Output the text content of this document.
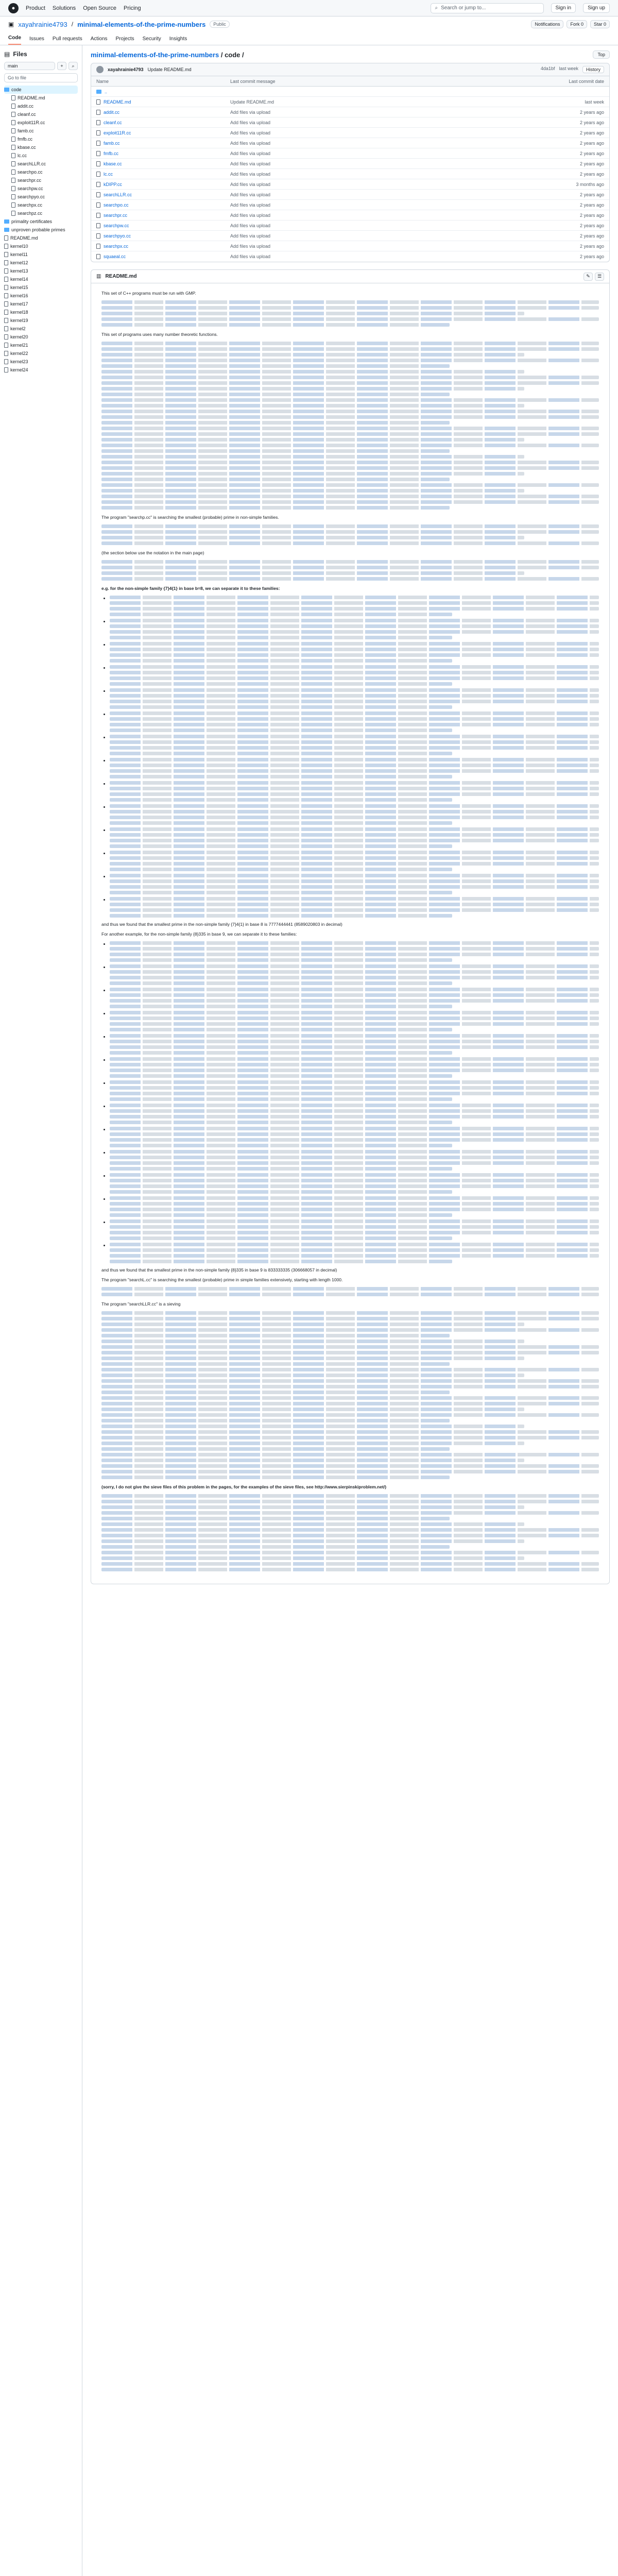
●	Product Solutions Open Source Pricing	⌕ Search or jump to...	Sign in	Sign up
▣ xayahrainie4793 / minimal-elements-of-the-prime-numbers	Public	Notifications	Fork 0	Star 0
Code Issues Pull requests Actions Projects Security Insights
▤ Files
main	+	⌕
Go to file
code
README.md
addit.cc
cleanf.cc
exploit11R.cc
famb.cc
fmfb.cc
kbase.cc
lc.cc
searchLLR.cc
searchpo.cc
searchpr.cc
searchpw.cc
searchpyo.cc
searchpx.cc
searchpz.cc
primality certificates
unproven probable primes
README.md
kernel10
kernel11
kernel12
kernel13
kernel14
kernel15
kernel16
kernel17
kernel18
kernel19
kernel2
kernel20
kernel21
kernel22
kernel23
kernel24
minimal-elements-of-the-prime-numbers / code /	Top
xayahrainie4793 Update README.md	4da1bf last week	History
Name	Last commit message	Last commit date
..
README.md	Update README.md	last week
addit.cc	Add files via upload	2 years ago
cleanf.cc	Add files via upload	2 years ago
exploit11R.cc	Add files via upload	2 years ago
famb.cc	Add files via upload	2 years ago
fmfb.cc	Add files via upload	2 years ago
kbase.cc	Add files via upload	2 years ago
lc.cc	Add files via upload	2 years ago
kDIPP.cc	Add files via upload	3 months ago
searchLLR.cc	Add files via upload	2 years ago
searchpo.cc	Add files via upload	2 years ago
searchpr.cc	Add files via upload	2 years ago
searchpw.cc	Add files via upload	2 years ago
searchpyo.cc	Add files via upload	2 years ago
searchpx.cc	Add files via upload	2 years ago
squaeal.cc	Add files via upload	2 years ago
▥ README.md	✎	☰

This set of C++ programs must be run with GMP.

This set of programs uses many number theoretic functions.

The program "searchp.cc" is searching the smallest (probable) prime in non-simple families.

(the section below use the notation in the main page)

e.g. for the non-simple family {7}4{1} in base b=8, we can separate it to these families:

•
•
•
•
•
•
•
•
•
•
•
•
•
•

and thus we found that the smallest prime in the non-simple family {7}4{1} in base 8 is 7777444441 (8589020803 in decimal)

For another example, for the non-simple family {8}335 in base 9, we can separate it to these families:

•
•
•
•
•
•
•
•
•
•
•
•
•
•

and thus we found that the smallest prime in the non-simple family {8}335 in base 9 is 833333335 (306668057 in decimal)

The program "searchL.cc" is searching the smallest (probable) prime in simple families extensively, starting with length 1000.

The program "searchLLR.cc" is a sieving

(sorry, I do not give the sieve files of this problem in the pages, for the examples of the sieve files, see http://www.sierpinskiproblem.net/)
